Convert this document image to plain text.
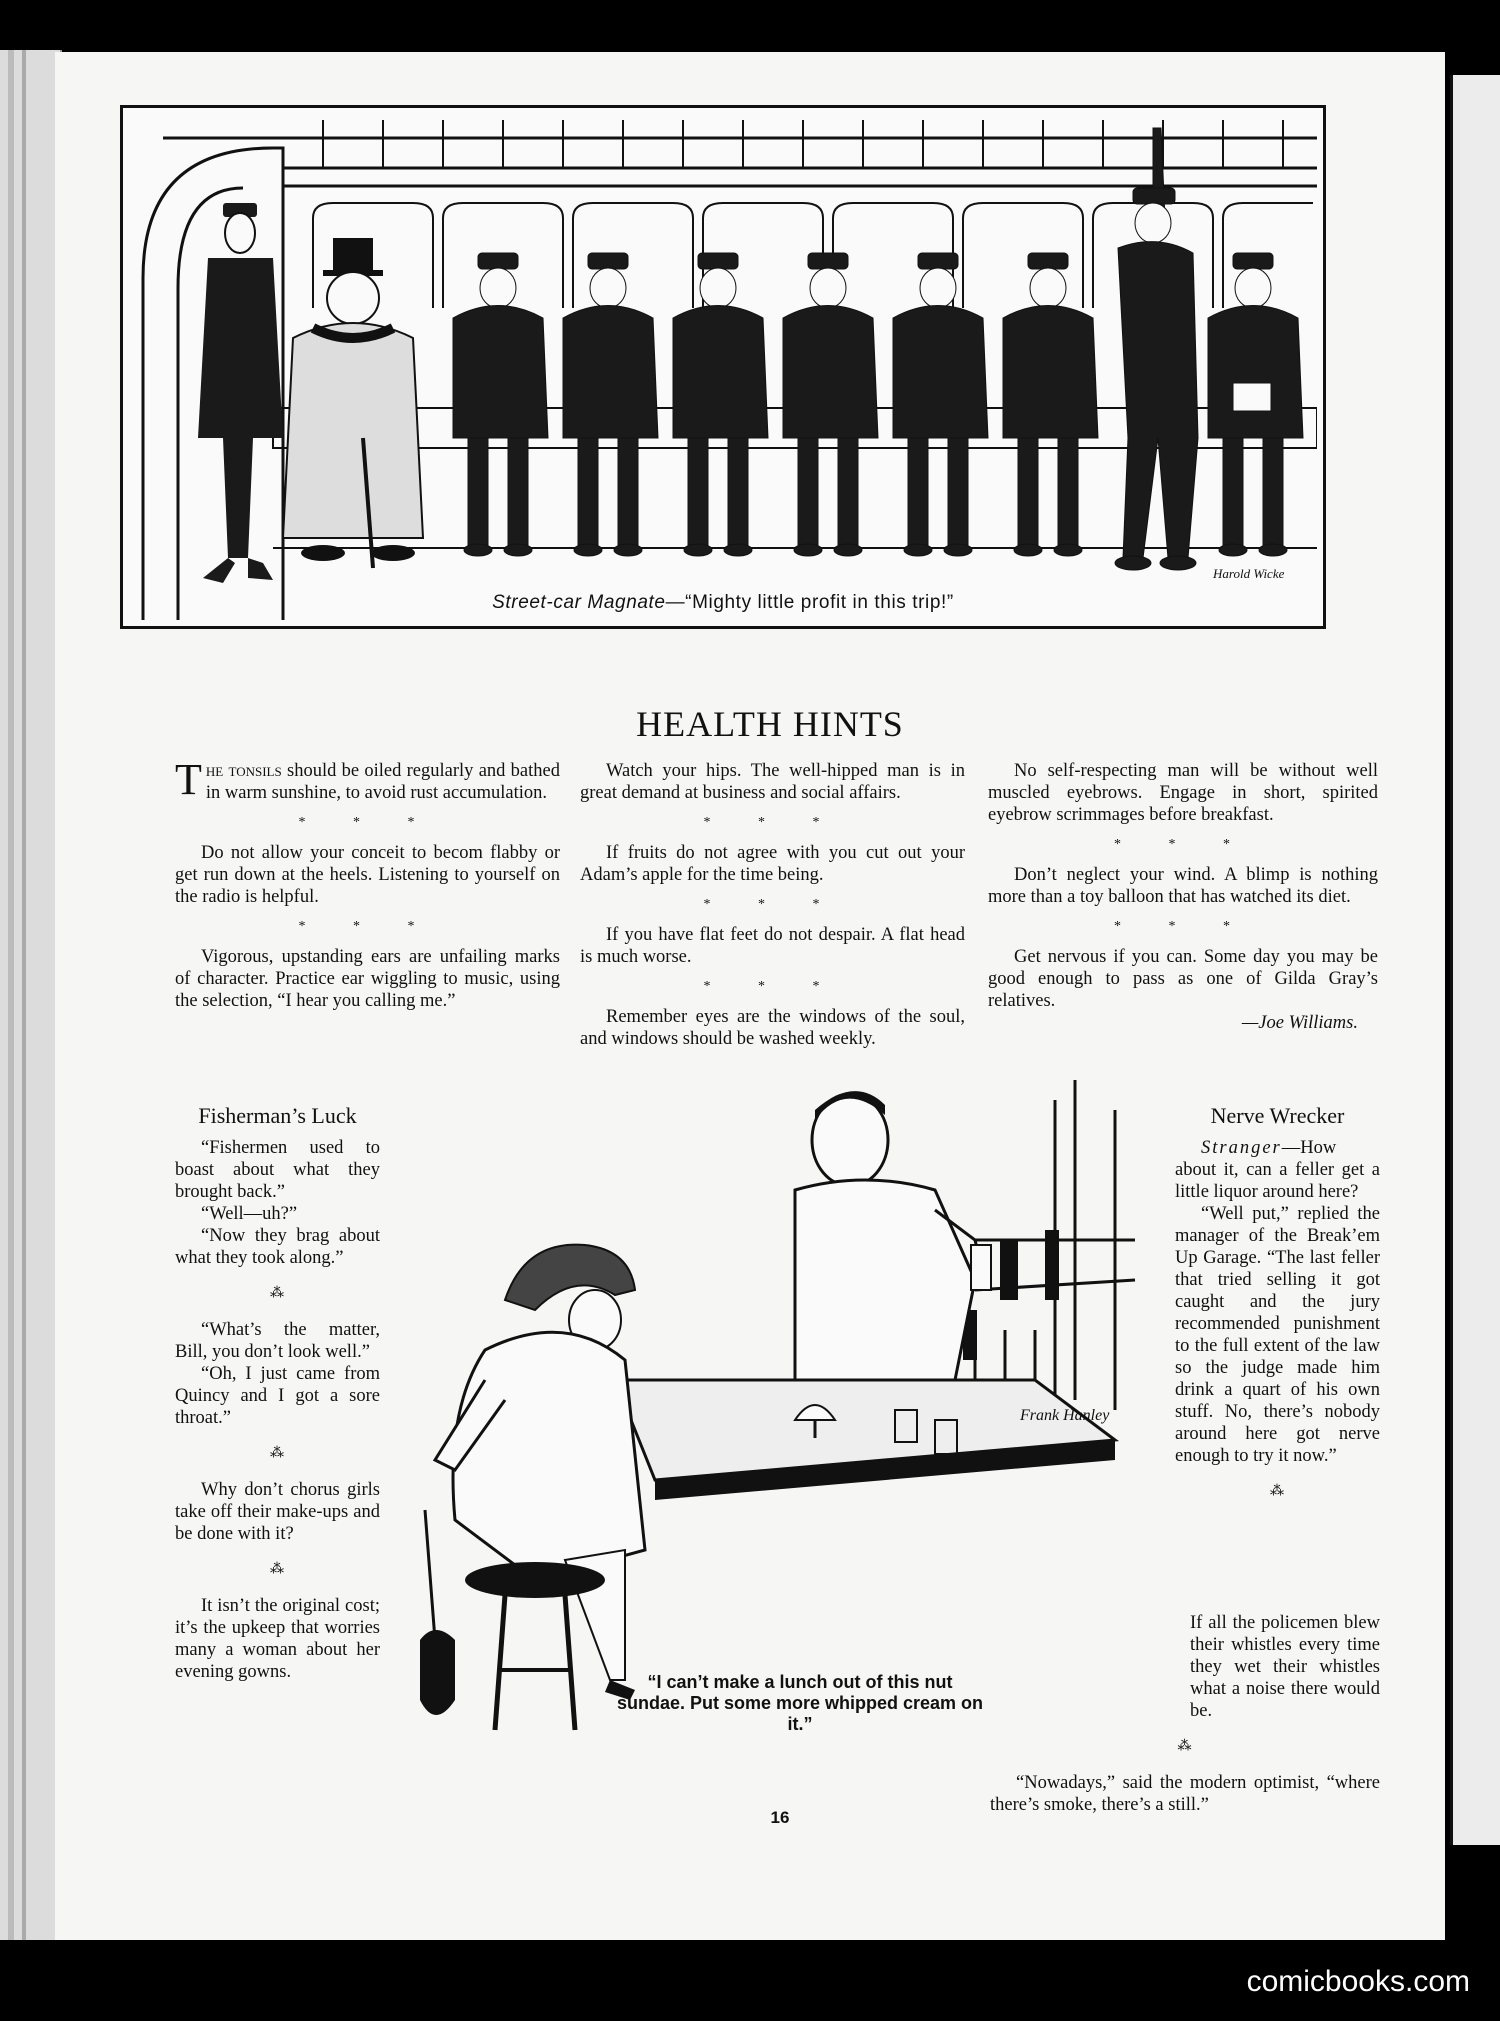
Harold Wicke
Street-car Magnate—“Mighty little profit in this trip!”
HEALTH HINTS

The tonsils should be oiled regularly and bathed in warm sunshine, to avoid rust accumulation.

* * *

Do not allow your conceit to becom flabby or get run down at the heels. Listening to yourself on the radio is helpful.

* * *

Vigorous, upstanding ears are unfailing marks of character. Practice ear wiggling to music, using the selection, “I hear you calling me.”

Watch your hips. The well-hipped man is in great demand at business and social affairs.

* * *

If fruits do not agree with you cut out your Adam’s apple for the time being.

* * *

If you have flat feet do not despair. A flat head is much worse.

* * *

Remember eyes are the windows of the soul, and windows should be washed weekly.

No self-respecting man will be without well muscled eyebrows. Engage in short, spirited eyebrow scrimmages before breakfast.

* * *

Don’t neglect your wind. A blimp is nothing more than a toy balloon that has watched its diet.

* * *

Get nervous if you can. Some day you may be good enough to pass as one of Gilda Gray’s relatives.

—Joe Williams.
Fisherman’s Luck

“Fishermen used to boast about what they brought back.”

“Well—uh?”

“Now they brag about what they took along.”

⁂

“What’s the matter, Bill, you don’t look well.”

“Oh, I just came from Quincy and I got a sore throat.”

⁂

Why don’t chorus girls take off their make-ups and be done with it?

⁂

It isn’t the original cost; it’s the upkeep that worries many a woman about her evening gowns.

Frank Hanley
“I can’t make a lunch out of this nut sundae. Put some more whipped cream on it.”
Nerve Wrecker

Stranger—How about it, can a feller get a little liquor around here?

“Well put,” replied the manager of the Break’em Up Garage. “The last feller that tried selling it got caught and the jury recommended punishment to the full extent of the law so the judge made him drink a quart of his own stuff. No, there’s nobody around here got nerve enough to try it now.”

⁂

If all the policemen blew their whistles every time they wet their whistles what a noise there would be.

⁂

“Nowadays,” said the modern optimist, “where there’s smoke, there’s a still.”

16
comicbooks.com
